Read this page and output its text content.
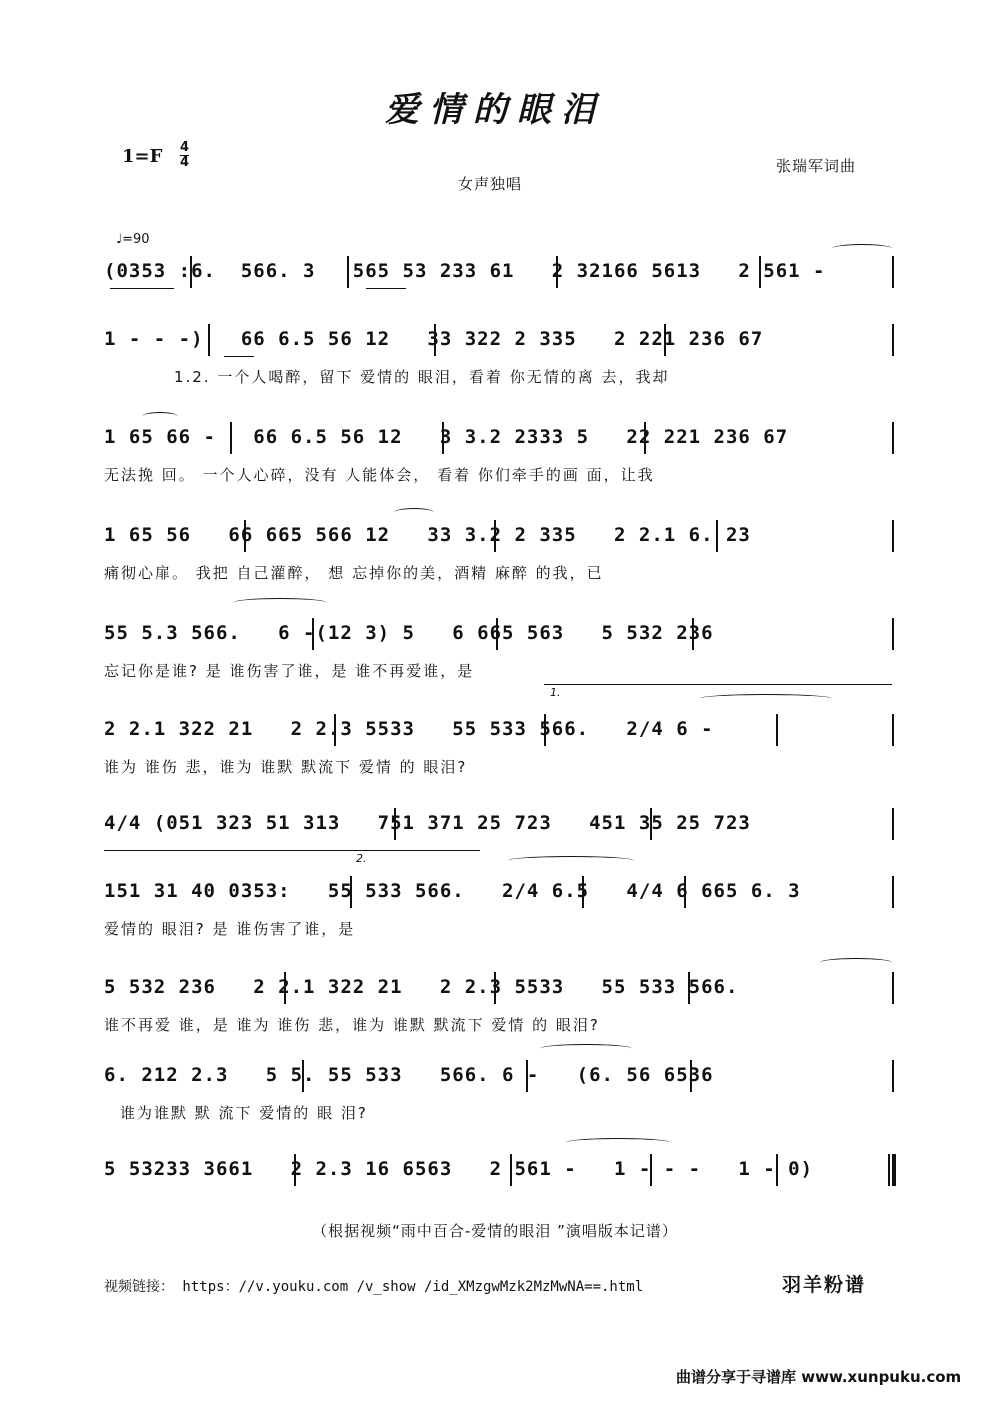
爱情的眼泪
$1=F \frac{4}{4}$
女声独唱
张瑞军词曲
♩=90
(0353 :6.  566. 3   565 53 233 61   2 32166 5613   2 561 -
1 - - -)   66 6.5 56 12   33 322 2 335   2 221 236 67
1.2. 一个人喝醉，留下 爱情的 眼泪，看着 你无情的离 去，我却
1 65 66 -   66 6.5 56 12   3 3.2 2333 5   22 221 236 67
无法挽 回。 一个人心碎，没有 人能体会， 看着 你们牵手的画 面，让我
1 65 56   66 665 566 12   33 3.2 2 335   2 2.1 6. 23
痛彻心扉。 我把 自己灌醉， 想 忘掉你的美，酒精 麻醉 的我，已
55 5.3 566.   6 -(12 3) 5   6 665 563   5 532 236
忘记你是谁? 是 谁伤害了谁，是 谁不再爱谁，是
2 2.1 322 21   2 2.3 5533   55 533 566.   2/4 6 -
谁为 谁伤 悲，谁为 谁默 默流下 爱情 的 眼泪?
1.
4/4 (051 323 51 313   751 371 25 723   451 35 25 723
151 31 40 0353:   55 533 566.   2/4 6.5   4/4 6 665 6. 3
爱情的 眼泪? 是 谁伤害了谁，是
2.
5 532 236   2 2.1 322 21   2 2.3 5533   55 533 566.
谁不再爱 谁，是 谁为 谁伤 悲，谁为 谁默 默流下 爱情 的 眼泪?
6. 212 2.3   5 5. 55 533   566. 6 -   (6. 56 6536
谁为谁默 默 流下 爱情的 眼 泪?
5 53233 3661   2 2.3 16 6563   2 561 -   1 - - -   1 - 0)
（根据视频“雨中百合-爱情的眼泪 ”演唱版本记谱）
视频链接： https：//v.youku.com /v_show /id_XMzgwMzk2MzMwNA==.html	羽羊粉谱
曲谱分享于寻谱库 www.xunpuku.com
